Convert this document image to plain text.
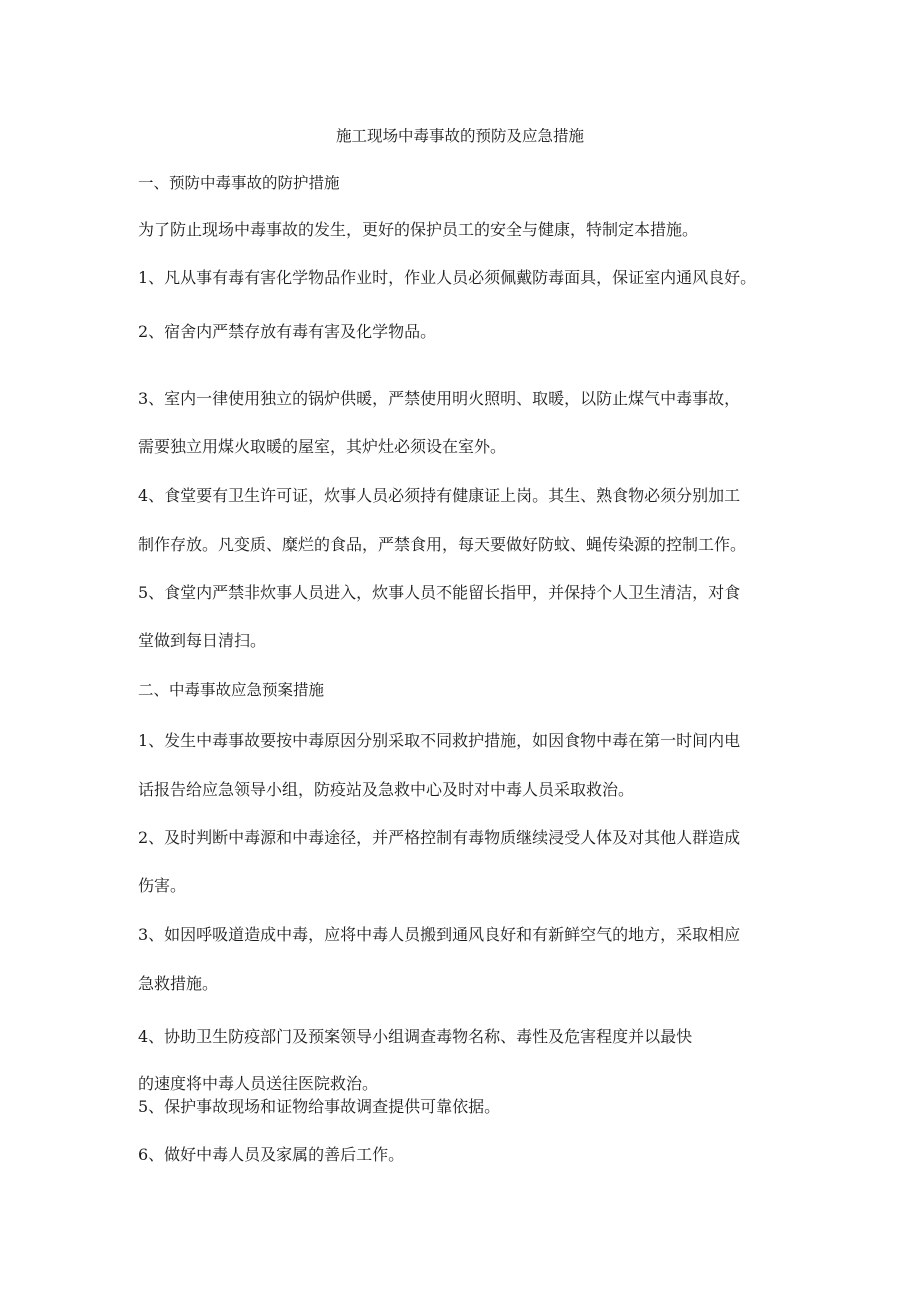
施工现场中毒事故的预防及应急措施

一、预防中毒事故的防护措施

为了防止现场中毒事故的发生，更好的保护员工的安全与健康，特制定本措施。

1、凡从事有毒有害化学物品作业时，作业人员必须佩戴防毒面具，保证室内通风良好。

2、宿舍内严禁存放有毒有害及化学物品。

3、室内一律使用独立的锅炉供暖，严禁使用明火照明、取暖，以防止煤气中毒事故，

需要独立用煤火取暖的屋室，其炉灶必须设在室外。

4、食堂要有卫生许可证，炊事人员必须持有健康证上岗。其生、熟食物必须分别加工

制作存放。凡变质、糜烂的食品，严禁食用，每天要做好防蚊、蝇传染源的控制工作。

5、食堂内严禁非炊事人员进入，炊事人员不能留长指甲，并保持个人卫生清洁，对食

堂做到每日清扫。

二、中毒事故应急预案措施

1、发生中毒事故要按中毒原因分别采取不同救护措施，如因食物中毒在第一时间内电

话报告给应急领导小组，防疫站及急救中心及时对中毒人员采取救治。

2、及时判断中毒源和中毒途径，并严格控制有毒物质继续浸受人体及对其他人群造成

伤害。

3、如因呼吸道造成中毒，应将中毒人员搬到通风良好和有新鲜空气的地方，采取相应

急救措施。

4、协助卫生防疫部门及预案领导小组调查毒物名称、毒性及危害程度并以最快

的速度将中毒人员送往医院救治。

5、保护事故现场和证物给事故调查提供可靠依据。

6、做好中毒人员及家属的善后工作。
